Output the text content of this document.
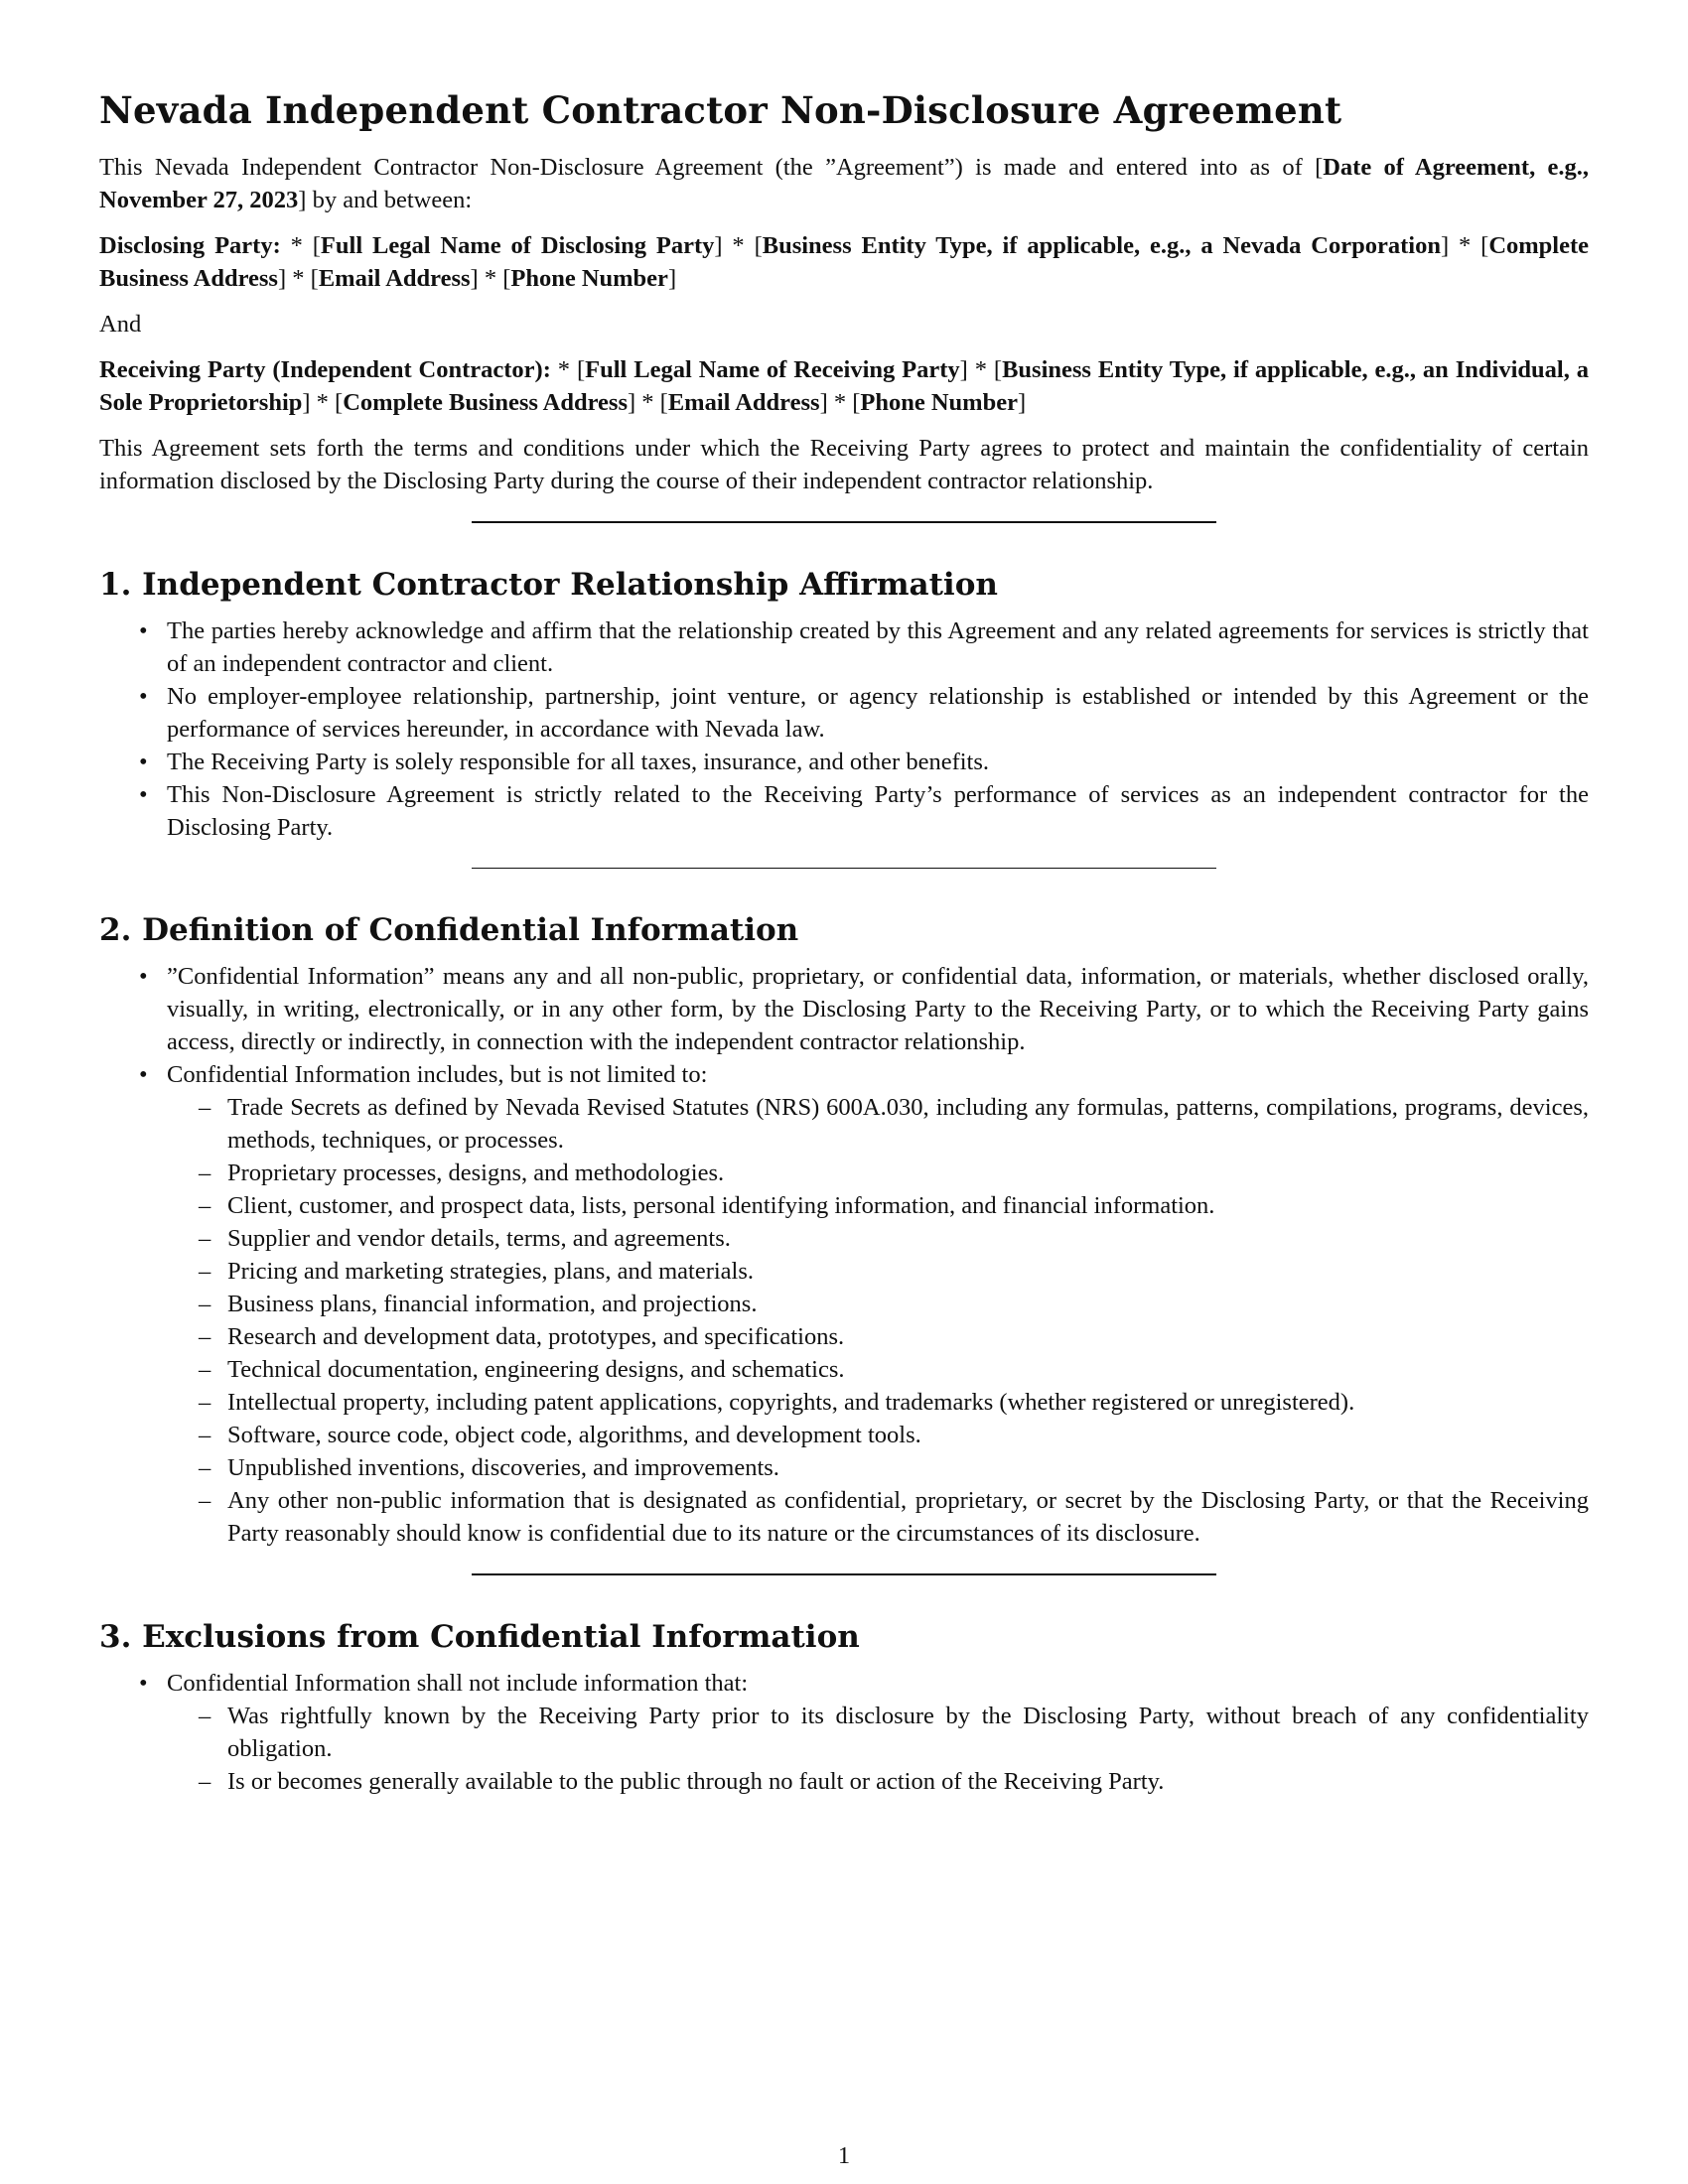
Nevada Independent Contractor Non-Disclosure Agreement

This Nevada Independent Contractor Non-Disclosure Agreement (the ”Agreement”) is made and entered into as of [Date of Agreement, e.g., November 27, 2023] by and between:

Disclosing Party: * [Full Legal Name of Disclosing Party] * [Business Entity Type, if applicable, e.g., a Nevada Corporation] * [Complete Business Address] * [Email Address] * [Phone Number]

And

Receiving Party (Independent Contractor): * [Full Legal Name of Receiving Party] * [Business Entity Type, if applicable, e.g., an Individual, a Sole Proprietorship] * [Complete Business Address] * [Email Address] * [Phone Number]

This Agreement sets forth the terms and conditions under which the Receiving Party agrees to protect and maintain the confidentiality of certain information disclosed by the Disclosing Party during the course of their independent contractor relationship.

1. Independent Contractor Relationship Affirmation
• The parties hereby acknowledge and affirm that the relationship created by this Agreement and any related agreements for services is strictly that of an independent contractor and client.
• No employer-employee relationship, partnership, joint venture, or agency relationship is established or intended by this Agreement or the performance of services hereunder, in accordance with Nevada law.
• The Receiving Party is solely responsible for all taxes, insurance, and other benefits.
• This Non-Disclosure Agreement is strictly related to the Receiving Party’s performance of services as an independent contractor for the Disclosing Party.
2. Definition of Confidential Information
• ”Confidential Information” means any and all non-public, proprietary, or confidential data, information, or materials, whether disclosed orally, visually, in writing, electronically, or in any other form, by the Disclosing Party to the Receiving Party, or to which the Receiving Party gains access, directly or indirectly, in connection with the independent contractor relationship.
• Confidential Information includes, but is not limited to:
– Trade Secrets as defined by Nevada Revised Statutes (NRS) 600A.030, including any formulas, patterns, compilations, programs, devices, methods, techniques, or processes.
– Proprietary processes, designs, and methodologies.
– Client, customer, and prospect data, lists, personal identifying information, and financial information.
– Supplier and vendor details, terms, and agreements.
– Pricing and marketing strategies, plans, and materials.
– Business plans, financial information, and projections.
– Research and development data, prototypes, and specifications.
– Technical documentation, engineering designs, and schematics.
– Intellectual property, including patent applications, copyrights, and trademarks (whether registered or unregistered).
– Software, source code, object code, algorithms, and development tools.
– Unpublished inventions, discoveries, and improvements.
– Any other non-public information that is designated as confidential, proprietary, or secret by the Disclosing Party, or that the Receiving Party reasonably should know is confidential due to its nature or the circumstances of its disclosure.
3. Exclusions from Confidential Information
• Confidential Information shall not include information that:
– Was rightfully known by the Receiving Party prior to its disclosure by the Disclosing Party, without breach of any confidentiality obligation.
– Is or becomes generally available to the public through no fault or action of the Receiving Party.
1
